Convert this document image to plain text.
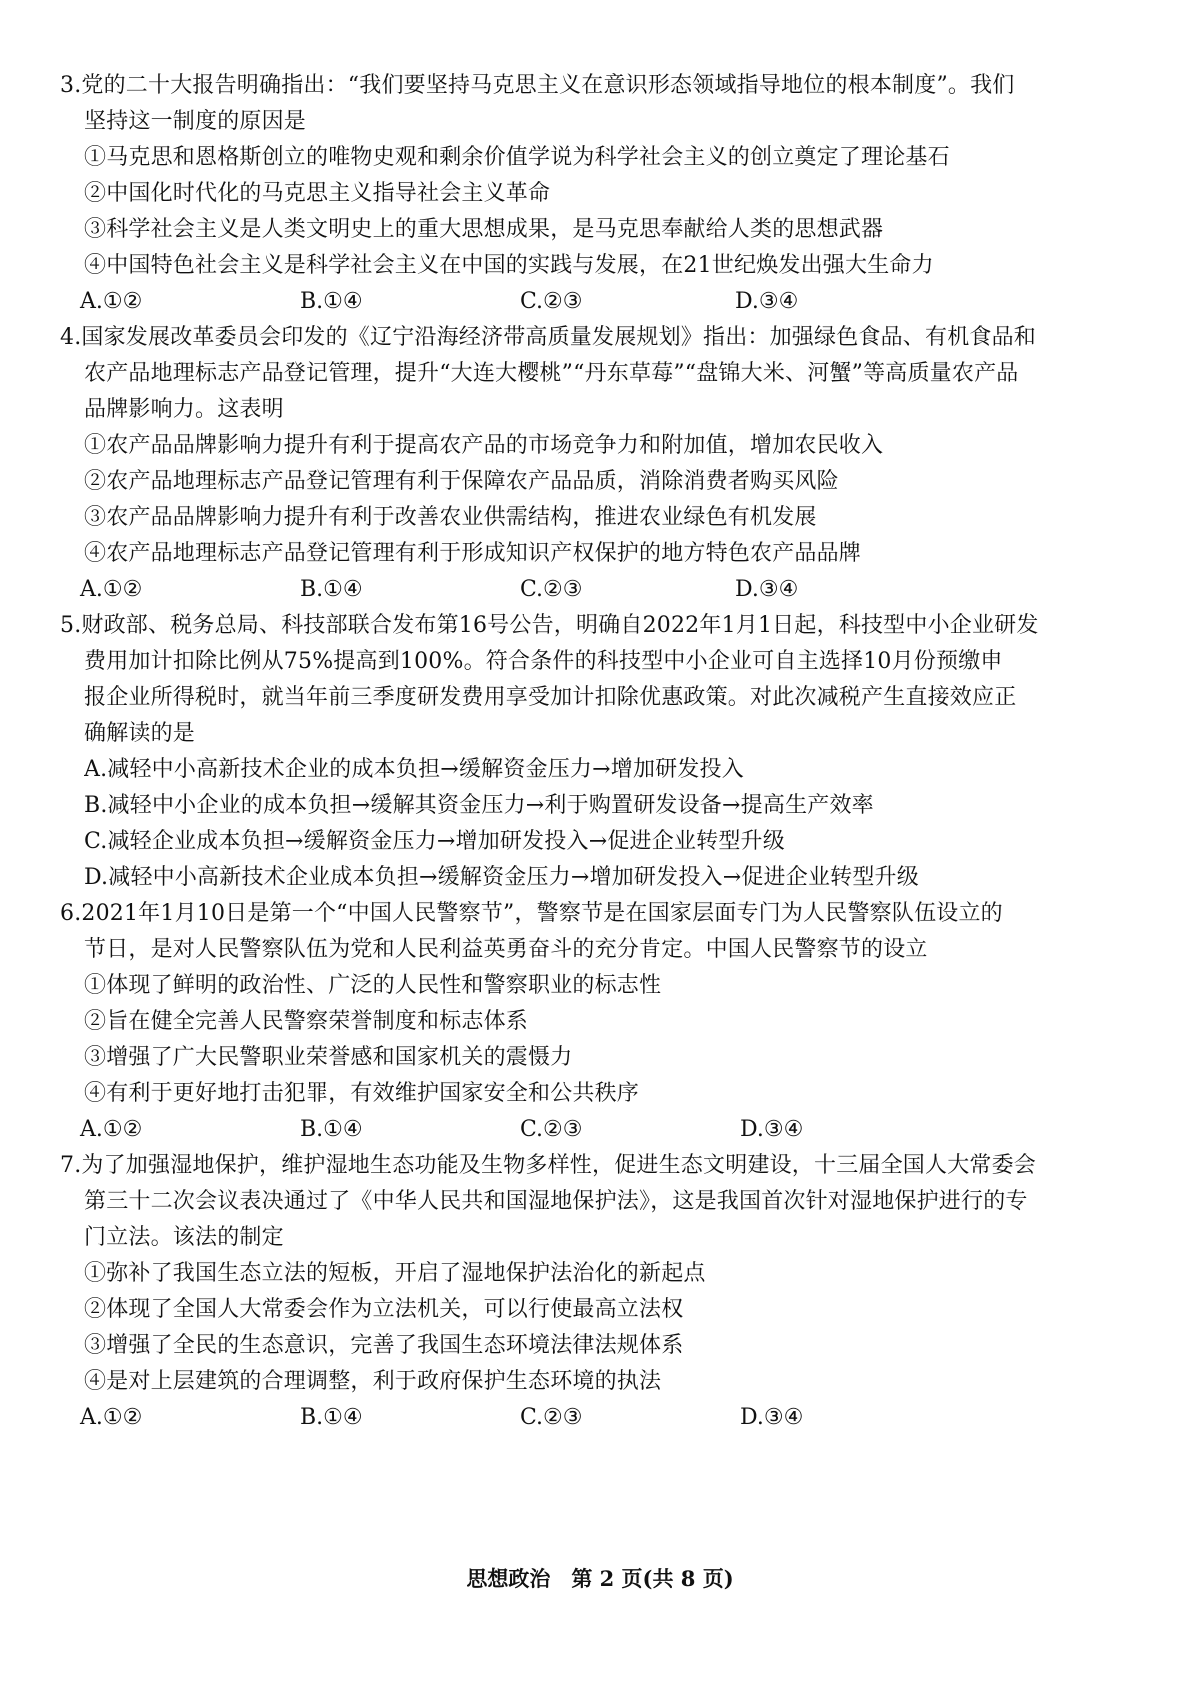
3.党的二十大报告明确指出：“我们要坚持马克思主义在意识形态领域指导地位的根本制度”。我们
坚持这一制度的原因是
①马克思和恩格斯创立的唯物史观和剩余价值学说为科学社会主义的创立奠定了理论基石
②中国化时代化的马克思主义指导社会主义革命
③科学社会主义是人类文明史上的重大思想成果，是马克思奉献给人类的思想武器
④中国特色社会主义是科学社会主义在中国的实践与发展，在21世纪焕发出强大生命力
A.①②	B.①④	C.②③	D.③④
4.国家发展改革委员会印发的《辽宁沿海经济带高质量发展规划》指出：加强绿色食品、有机食品和
农产品地理标志产品登记管理，提升“大连大樱桃”“丹东草莓”“盘锦大米、河蟹”等高质量农产品
品牌影响力。这表明
①农产品品牌影响力提升有利于提高农产品的市场竞争力和附加值，增加农民收入
②农产品地理标志产品登记管理有利于保障农产品品质，消除消费者购买风险
③农产品品牌影响力提升有利于改善农业供需结构，推进农业绿色有机发展
④农产品地理标志产品登记管理有利于形成知识产权保护的地方特色农产品品牌
A.①②	B.①④	C.②③	D.③④
5.财政部、税务总局、科技部联合发布第16号公告，明确自2022年1月1日起，科技型中小企业研发
费用加计扣除比例从75%提高到100%。符合条件的科技型中小企业可自主选择10月份预缴申
报企业所得税时，就当年前三季度研发费用享受加计扣除优惠政策。对此次减税产生直接效应正
确解读的是
A.减轻中小高新技术企业的成本负担→缓解资金压力→增加研发投入
B.减轻中小企业的成本负担→缓解其资金压力→利于购置研发设备→提高生产效率
C.减轻企业成本负担→缓解资金压力→增加研发投入→促进企业转型升级
D.减轻中小高新技术企业成本负担→缓解资金压力→增加研发投入→促进企业转型升级
6.2021年1月10日是第一个“中国人民警察节”，警察节是在国家层面专门为人民警察队伍设立的
节日，是对人民警察队伍为党和人民利益英勇奋斗的充分肯定。中国人民警察节的设立
①体现了鲜明的政治性、广泛的人民性和警察职业的标志性
②旨在健全完善人民警察荣誉制度和标志体系
③增强了广大民警职业荣誉感和国家机关的震慑力
④有利于更好地打击犯罪，有效维护国家安全和公共秩序
A.①②	B.①④	C.②③	D.③④
7.为了加强湿地保护，维护湿地生态功能及生物多样性，促进生态文明建设，十三届全国人大常委会
第三十二次会议表决通过了《中华人民共和国湿地保护法》，这是我国首次针对湿地保护进行的专
门立法。该法的制定
①弥补了我国生态立法的短板，开启了湿地保护法治化的新起点
②体现了全国人大常委会作为立法机关，可以行使最高立法权
③增强了全民的生态意识，完善了我国生态环境法律法规体系
④是对上层建筑的合理调整，利于政府保护生态环境的执法
A.①②	B.①④	C.②③	D.③④
思想政治　第 2 页(共 8 页)
